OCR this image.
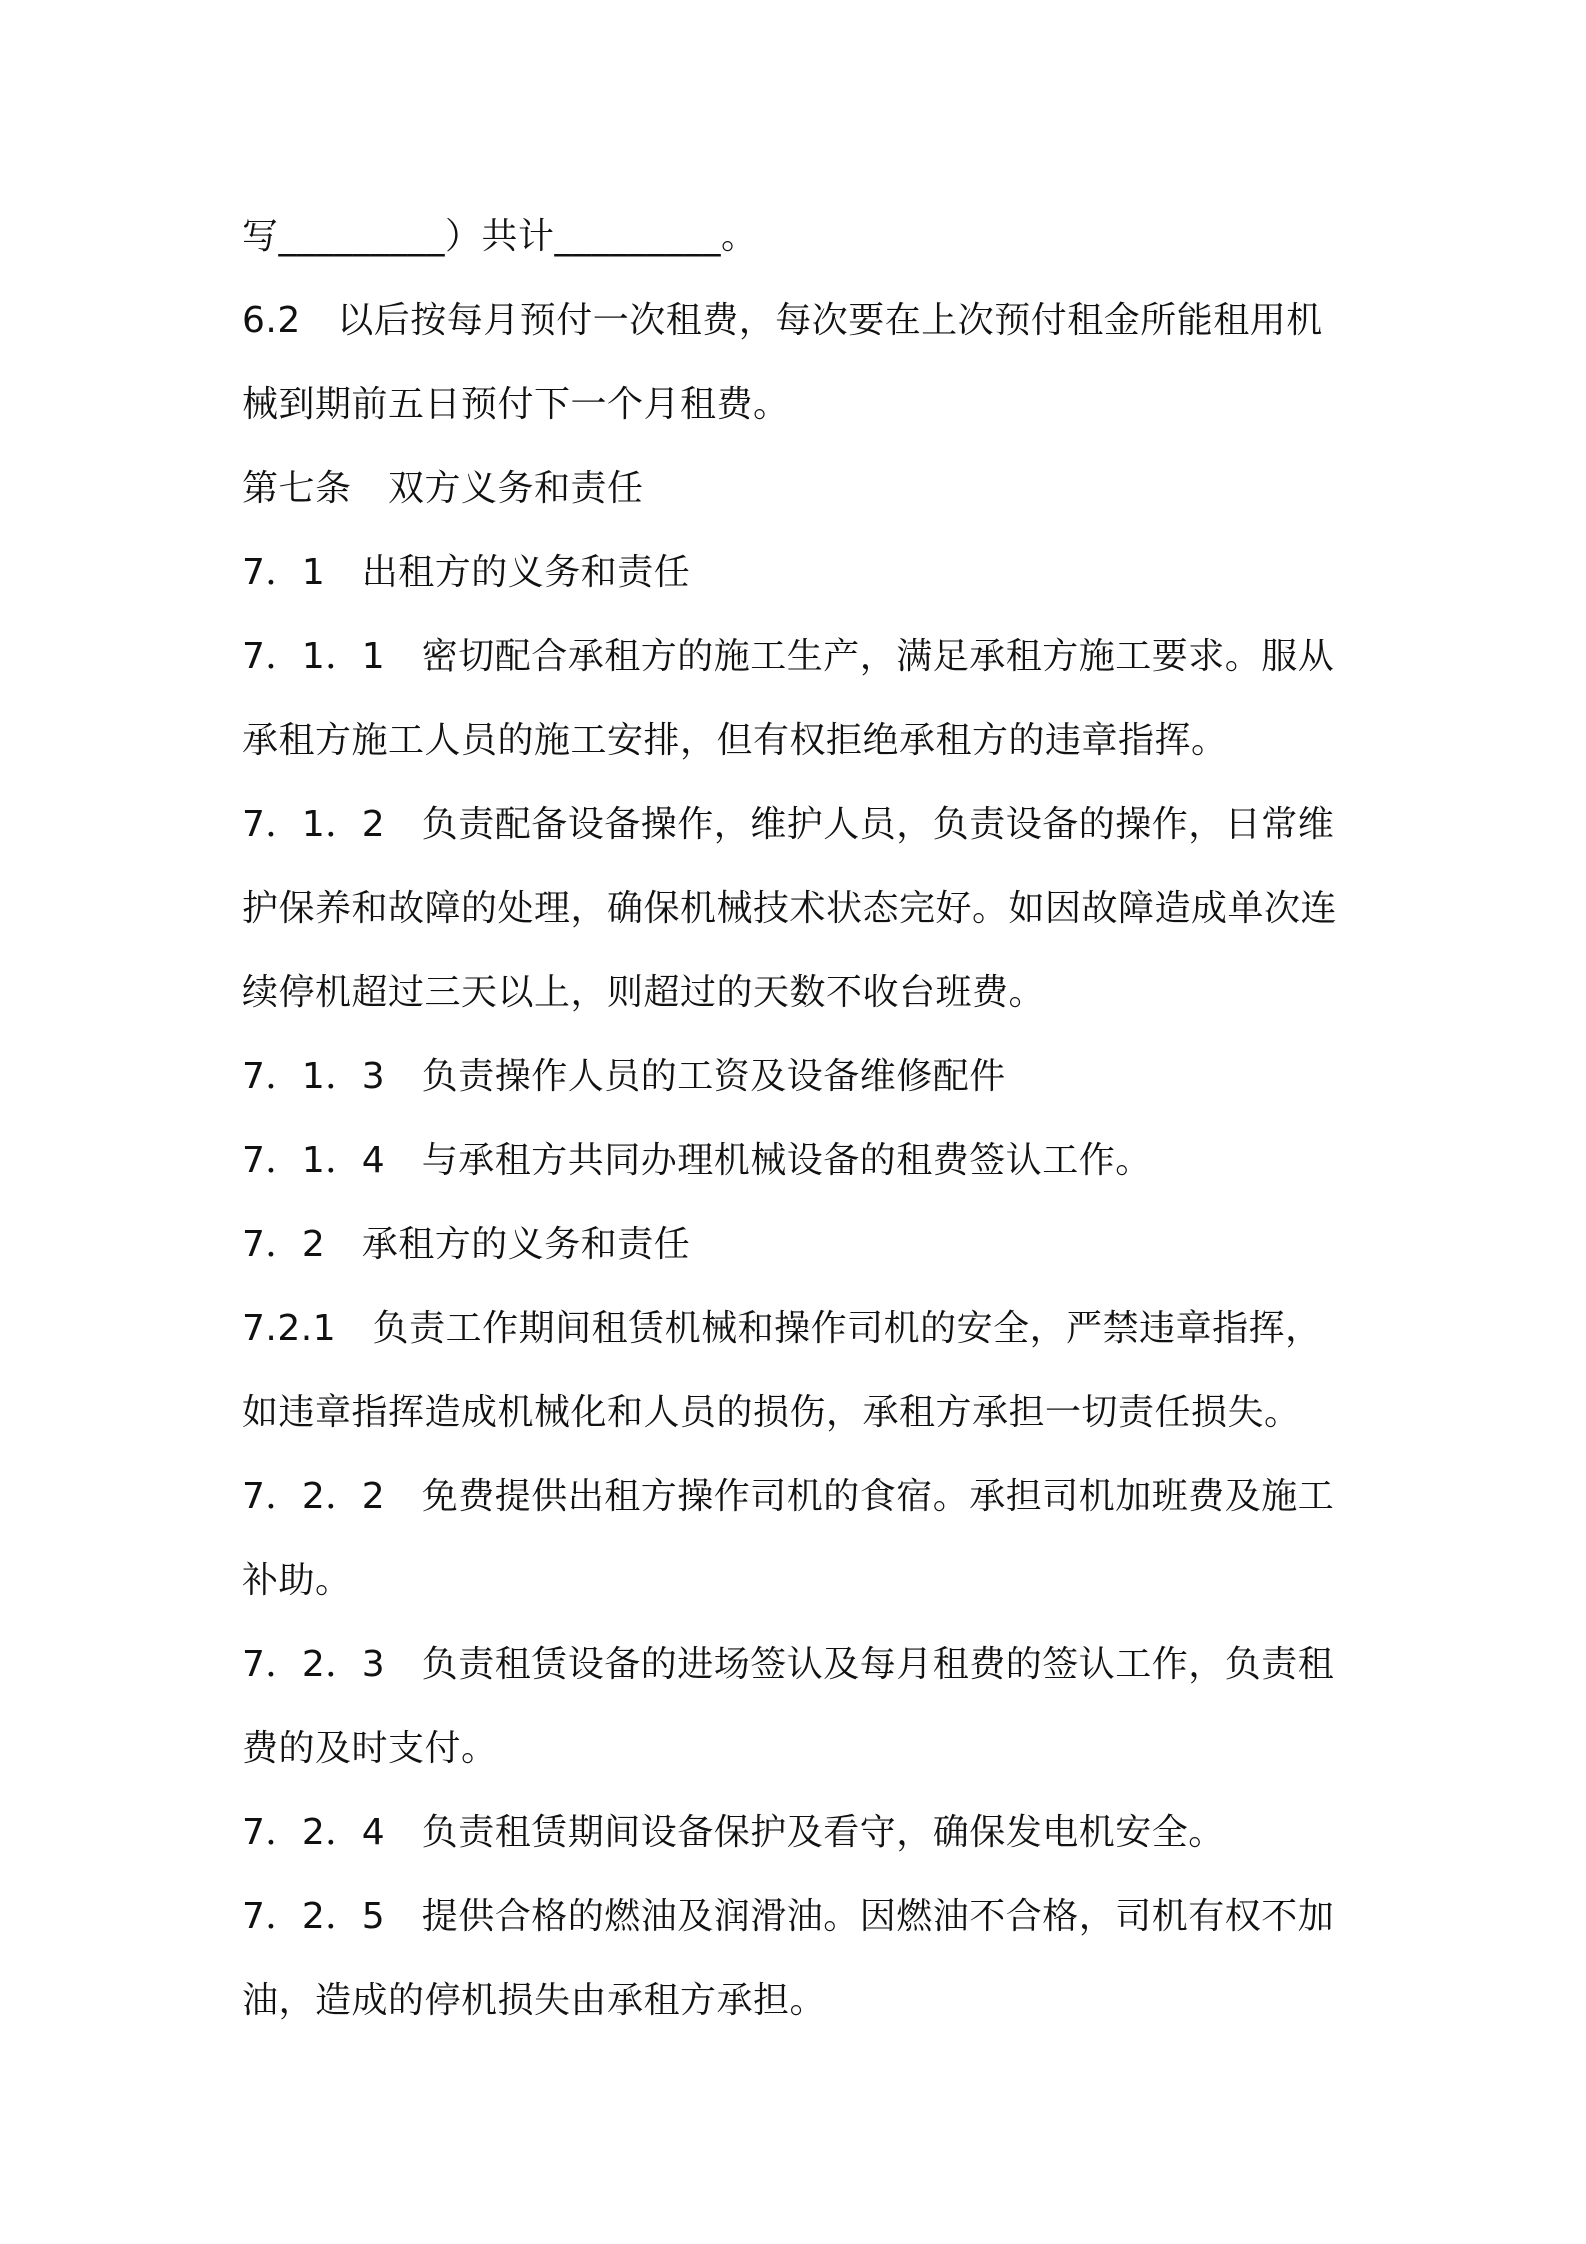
写_________）共计_________。
6.2　以后按每月预付一次租费，每次要在上次预付租金所能租用机
械到期前五日预付下一个月租费。
第七条　双方义务和责任
7．1　出租方的义务和责任
7．1．1　密切配合承租方的施工生产，满足承租方施工要求。服从
承租方施工人员的施工安排，但有权拒绝承租方的违章指挥。
7．1．2　负责配备设备操作，维护人员，负责设备的操作，日常维
护保养和故障的处理，确保机械技术状态完好。如因故障造成单次连
续停机超过三天以上，则超过的天数不收台班费。
7．1．3　负责操作人员的工资及设备维修配件
7．1．4　与承租方共同办理机械设备的租费签认工作。
7．2　承租方的义务和责任
7.2.1　负责工作期间租赁机械和操作司机的安全，严禁违章指挥，
如违章指挥造成机械化和人员的损伤，承租方承担一切责任损失。
7．2．2　免费提供出租方操作司机的食宿。承担司机加班费及施工
补助。
7．2．3　负责租赁设备的进场签认及每月租费的签认工作，负责租
费的及时支付。
7．2．4　负责租赁期间设备保护及看守，确保发电机安全。
7．2．5　提供合格的燃油及润滑油。因燃油不合格，司机有权不加
油，造成的停机损失由承租方承担。
